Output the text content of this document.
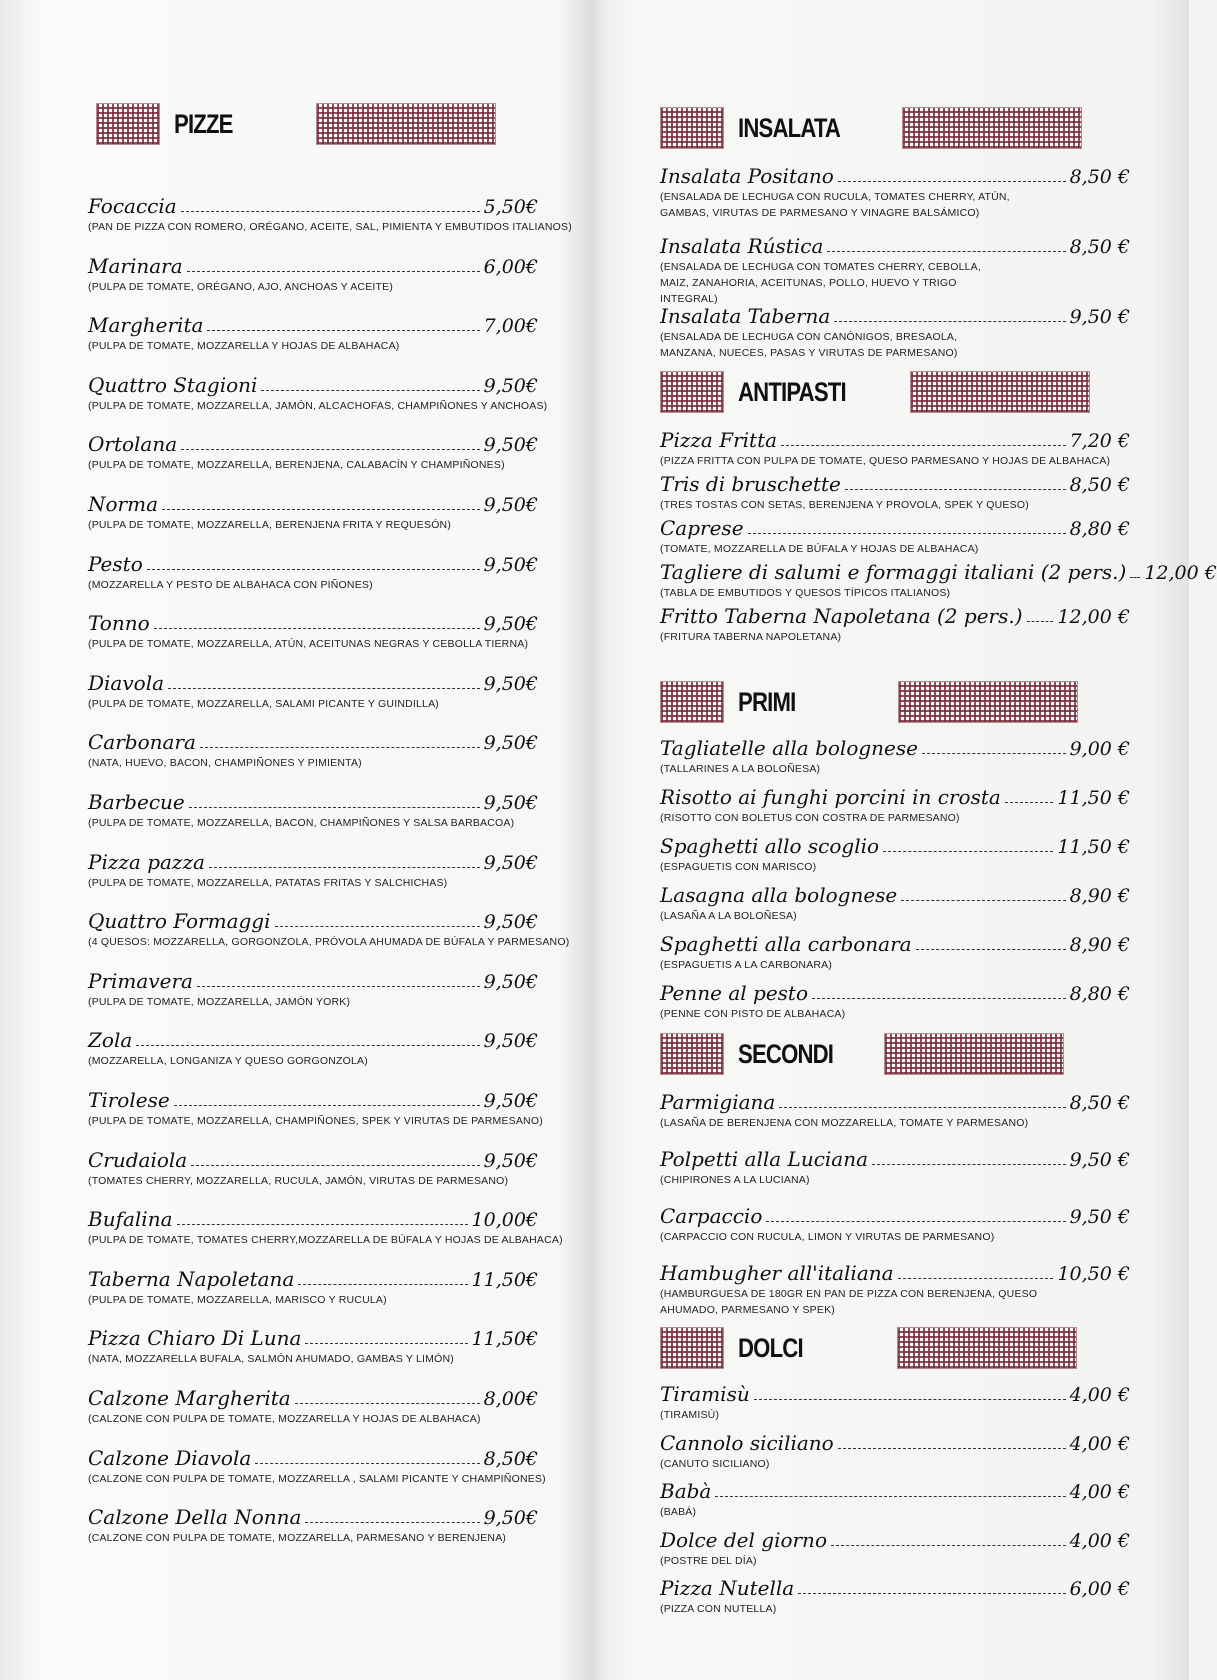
PIZZE
Focaccia	5,50€
(PAN DE PIZZA CON ROMERO, ORÉGANO, ACEITE, SAL, PIMIENTA Y EMBUTIDOS ITALIANOS)
Marinara	6,00€
(PULPA DE TOMATE, ORÉGANO, AJO, ANCHOAS Y ACEITE)
Margherita	7,00€
(PULPA DE TOMATE, MOZZARELLA Y HOJAS DE ALBAHACA)
Quattro Stagioni	9,50€
(PULPA DE TOMATE, MOZZARELLA, JAMÓN, ALCACHOFAS, CHAMPIÑONES Y ANCHOAS)
Ortolana	9,50€
(PULPA DE TOMATE, MOZZARELLA, BERENJENA, CALABACÍN Y CHAMPIÑONES)
Norma	9,50€
(PULPA DE TOMATE, MOZZARELLA, BERENJENA FRITA Y REQUESÓN)
Pesto	9,50€
(MOZZARELLA Y PESTO DE ALBAHACA CON PIÑONES)
Tonno	9,50€
(PULPA DE TOMATE, MOZZARELLA, ATÚN, ACEITUNAS NEGRAS Y CEBOLLA TIERNA)
Diavola	9,50€
(PULPA DE TOMATE, MOZZARELLA, SALAMI PICANTE Y GUINDILLA)
Carbonara	9,50€
(NATA, HUEVO, BACON, CHAMPIÑONES Y PIMIENTA)
Barbecue	9,50€
(PULPA DE TOMATE, MOZZARELLA, BACON, CHAMPIÑONES Y SALSA BARBACOA)
Pizza pazza	9,50€
(PULPA DE TOMATE, MOZZARELLA, PATATAS FRITAS Y SALCHICHAS)
Quattro Formaggi	9,50€
(4 QUESOS: MOZZARELLA, GORGONZOLA, PRÓVOLA AHUMADA DE BÚFALA Y PARMESANO)
Primavera	9,50€
(PULPA DE TOMATE, MOZZARELLA, JAMÓN YORK)
Zola	9,50€
(MOZZARELLA, LONGANIZA Y QUESO GORGONZOLA)
Tirolese	9,50€
(PULPA DE TOMATE, MOZZARELLA, CHAMPIÑONES, SPEK Y VIRUTAS DE PARMESANO)
Crudaiola	9,50€
(TOMATES CHERRY, MOZZARELLA, RUCULA, JAMÓN, VIRUTAS DE PARMESANO)
Bufalina	10,00€
(PULPA DE TOMATE, TOMATES CHERRY,MOZZARELLA DE BÚFALA Y HOJAS DE ALBAHACA)
Taberna Napoletana	11,50€
(PULPA DE TOMATE, MOZZARELLA, MARISCO Y RUCULA)
Pizza Chiaro Di Luna	11,50€
(NATA, MOZZARELLA BUFALA, SALMÓN AHUMADO, GAMBAS Y LIMÓN)
Calzone Margherita	8,00€
(CALZONE CON PULPA DE TOMATE, MOZZARELLA Y HOJAS DE ALBAHACA)
Calzone Diavola	8,50€
(CALZONE CON PULPA DE TOMATE, MOZZARELLA , SALAMI PICANTE Y CHAMPIÑONES)
Calzone Della Nonna	9,50€
(CALZONE CON PULPA DE TOMATE, MOZZARELLA, PARMESANO Y BERENJENA)
INSALATA
Insalata Positano	8,50 €
(ENSALADA DE LECHUGA CON RUCULA, TOMATES CHERRY, ATÚN, GAMBAS, VIRUTAS DE PARMESANO Y VINAGRE BALSÁMICO)
Insalata Rústica	8,50 €
(ENSALADA DE LECHUGA CON TOMATES CHERRY, CEBOLLA, MAIZ, ZANAHORIA, ACEITUNAS, POLLO, HUEVO Y TRIGO INTEGRAL)
Insalata Taberna	9,50 €
(ENSALADA DE LECHUGA CON CANÓNIGOS, BRESAOLA, MANZANA, NUECES, PASAS Y VIRUTAS DE PARMESANO)
ANTIPASTI
Pizza Fritta	7,20 €
(PIZZA FRITTA CON PULPA DE TOMATE, QUESO PARMESANO Y HOJAS DE ALBAHACA)
Tris di bruschette	8,50 €
(TRES TOSTAS CON SETAS, BERENJENA Y PROVOLA, SPEK Y QUESO)
Caprese	8,80 €
(TOMATE, MOZZARELLA DE BÚFALA Y HOJAS DE ALBAHACA)
Tagliere di salumi e formaggi italiani (2 pers.) 12,00 €
(TABLA DE EMBUTIDOS Y QUESOS TÍPICOS ITALIANOS)
Fritto Taberna Napoletana (2 pers.) 12,00 €
(FRITURA TABERNA NAPOLETANA)
PRIMI
Tagliatelle alla bolognese	9,00 €
(TALLARINES A LA BOLOÑESA)
Risotto ai funghi porcini in crosta	11,50 €
(RISOTTO CON BOLETUS CON COSTRA DE PARMESANO)
Spaghetti allo scoglio	11,50 €
(ESPAGUETIS CON MARISCO)
Lasagna alla bolognese	8,90 €
(LASAÑA A LA BOLOÑESA)
Spaghetti alla carbonara	8,90 €
(ESPAGUETIS A LA CARBONARA)
Penne al pesto	8,80 €
(PENNE CON PISTO DE ALBAHACA)
SECONDI
Parmigiana	8,50 €
(LASAÑA DE BERENJENA CON MOZZARELLA, TOMATE Y PARMESANO)
Polpetti alla Luciana	9,50 €
(CHIPIRONES A LA LUCIANA)
Carpaccio	9,50 €
(CARPACCIO CON RUCULA, LIMON Y VIRUTAS DE PARMESANO)
Hambugher all'italiana	10,50 €
(HAMBURGUESA DE 180GR EN PAN DE PIZZA CON BERENJENA, QUESO AHUMADO, PARMESANO Y SPEK)
DOLCI
Tiramisù	4,00 €
(TIRAMISÚ)
Cannolo siciliano	4,00 €
(CANUTO SICILIANO)
Babà	4,00 €
(BABÁ)
Dolce del giorno	4,00 €
(POSTRE DEL DÍA)
Pizza Nutella	6,00 €
(PIZZA CON NUTELLA)
